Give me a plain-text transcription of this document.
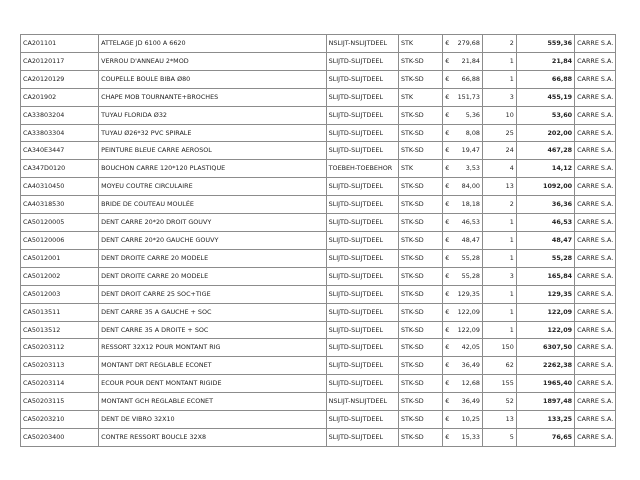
CA201101	ATTELAGE JD 6100 A 6620	NSLIJT-NSLIJTDEEL	STK	€ 279,68	2	559,36	CARRE S.A.
CA20120117	VERROU D'ANNEAU 2*MOD	SLIJTD-SLIJTDEEL	STK-SD	€ 21,84	1	21,84	CARRE S.A.
CA20120129	COUPELLE BOULE BIBA Ø80	SLIJTD-SLIJTDEEL	STK-SD	€ 66,88	1	66,88	CARRE S.A.
CA201902	CHAPE MOB TOURNANTE+BROCHES	SLIJTD-SLIJTDEEL	STK	€ 151,73	3	455,19	CARRE S.A.
CA33803204	TUYAU FLORIDA Ø32	SLIJTD-SLIJTDEEL	STK-SD	€ 5,36	10	53,60	CARRE S.A.
CA33803304	TUYAU Ø26*32 PVC SPIRALE	SLIJTD-SLIJTDEEL	STK-SD	€ 8,08	25	202,00	CARRE S.A.
CA340E3447	PEINTURE BLEUE CARRE AEROSOL	SLIJTD-SLIJTDEEL	STK-SD	€ 19,47	24	467,28	CARRE S.A.
CA347D0120	BOUCHON CARRE 120*120 PLASTIQUE	TOEBEH-TOEBEHOR	STK	€ 3,53	4	14,12	CARRE S.A.
CA40310450	MOYEU COUTRE CIRCULAIRE	SLIJTD-SLIJTDEEL	STK-SD	€ 84,00	13	1092,00	CARRE S.A.
CA40318530	BRIDE DE COUTEAU MOULÉE	SLIJTD-SLIJTDEEL	STK-SD	€ 18,18	2	36,36	CARRE S.A.
CA50120005	DENT CARRE 20*20 DROIT GOUVY	SLIJTD-SLIJTDEEL	STK-SD	€ 46,53	1	46,53	CARRE S.A.
CA50120006	DENT CARRE 20*20 GAUCHE GOUVY	SLIJTD-SLIJTDEEL	STK-SD	€ 48,47	1	48,47	CARRE S.A.
CA5012001	DENT DROITE CARRE 20 MODELE	SLIJTD-SLIJTDEEL	STK-SD	€ 55,28	1	55,28	CARRE S.A.
CA5012002	DENT DROITE CARRE 20 MODELE	SLIJTD-SLIJTDEEL	STK-SD	€ 55,28	3	165,84	CARRE S.A.
CA5012003	DENT DROIT CARRE 25 SOC+TIGE	SLIJTD-SLIJTDEEL	STK-SD	€ 129,35	1	129,35	CARRE S.A.
CA5013511	DENT CARRE 35 A GAUCHE + SOC	SLIJTD-SLIJTDEEL	STK-SD	€ 122,09	1	122,09	CARRE S.A.
CA5013512	DENT CARRE 35 A DROITE + SOC	SLIJTD-SLIJTDEEL	STK-SD	€ 122,09	1	122,09	CARRE S.A.
CA50203112	RESSORT 32X12 POUR MONTANT RIG	SLIJTD-SLIJTDEEL	STK-SD	€ 42,05	150	6307,50	CARRE S.A.
CA50203113	MONTANT DRT REGLABLE ECONET	SLIJTD-SLIJTDEEL	STK-SD	€ 36,49	62	2262,38	CARRE S.A.
CA50203114	ECOUR POUR DENT MONTANT RIGIDE	SLIJTD-SLIJTDEEL	STK-SD	€ 12,68	155	1965,40	CARRE S.A.
CA50203115	MONTANT GCH REGLABLE ECONET	NSLIJT-NSLIJTDEEL	STK-SD	€ 36,49	52	1897,48	CARRE S.A.
CA50203210	DENT DE VIBRO 32X10	SLIJTD-SLIJTDEEL	STK-SD	€ 10,25	13	133,25	CARRE S.A.
CA50203400	CONTRE RESSORT BOUCLE 32X8	SLIJTD-SLIJTDEEL	STK-SD	€ 15,33	5	76,65	CARRE S.A.
